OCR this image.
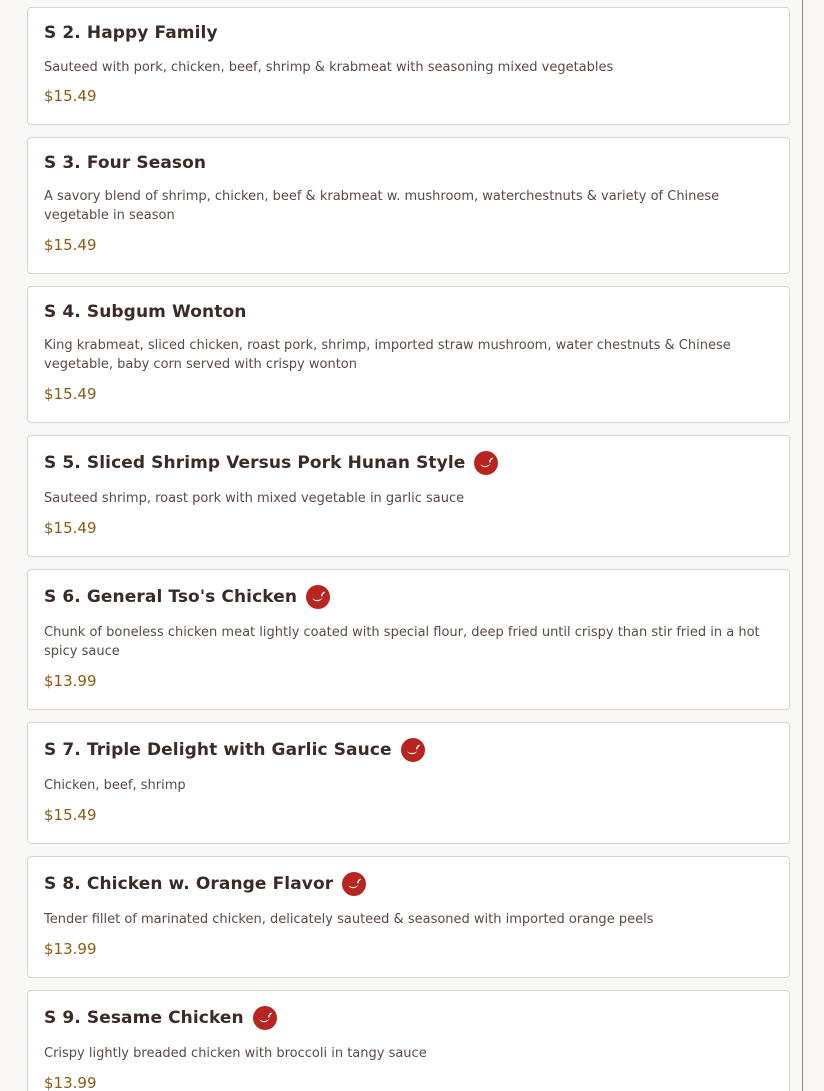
S 2. Happy Family
Sauteed with pork, chicken, beef, shrimp & krabmeat with seasoning mixed vegetables
$15.49
S 3. Four Season
A savory blend of shrimp, chicken, beef & krabmeat w. mushroom, waterchestnuts & variety of Chinese vegetable in season
$15.49
S 4. Subgum Wonton
King krabmeat, sliced chicken, roast pork, shrimp, imported straw mushroom, water chestnuts & Chinese vegetable, baby corn served with crispy wonton
$15.49
S 5. Sliced Shrimp Versus Pork Hunan Style
Sauteed shrimp, roast pork with mixed vegetable in garlic sauce
$15.49
S 6. General Tso's Chicken
Chunk of boneless chicken meat lightly coated with special flour, deep fried until crispy than stir fried in a hot spicy sauce
$13.99
S 7. Triple Delight with Garlic Sauce
Chicken, beef, shrimp
$15.49
S 8. Chicken w. Orange Flavor
Tender fillet of marinated chicken, delicately sauteed & seasoned with imported orange peels
$13.99
S 9. Sesame Chicken
Crispy lightly breaded chicken with broccoli in tangy sauce
$13.99
